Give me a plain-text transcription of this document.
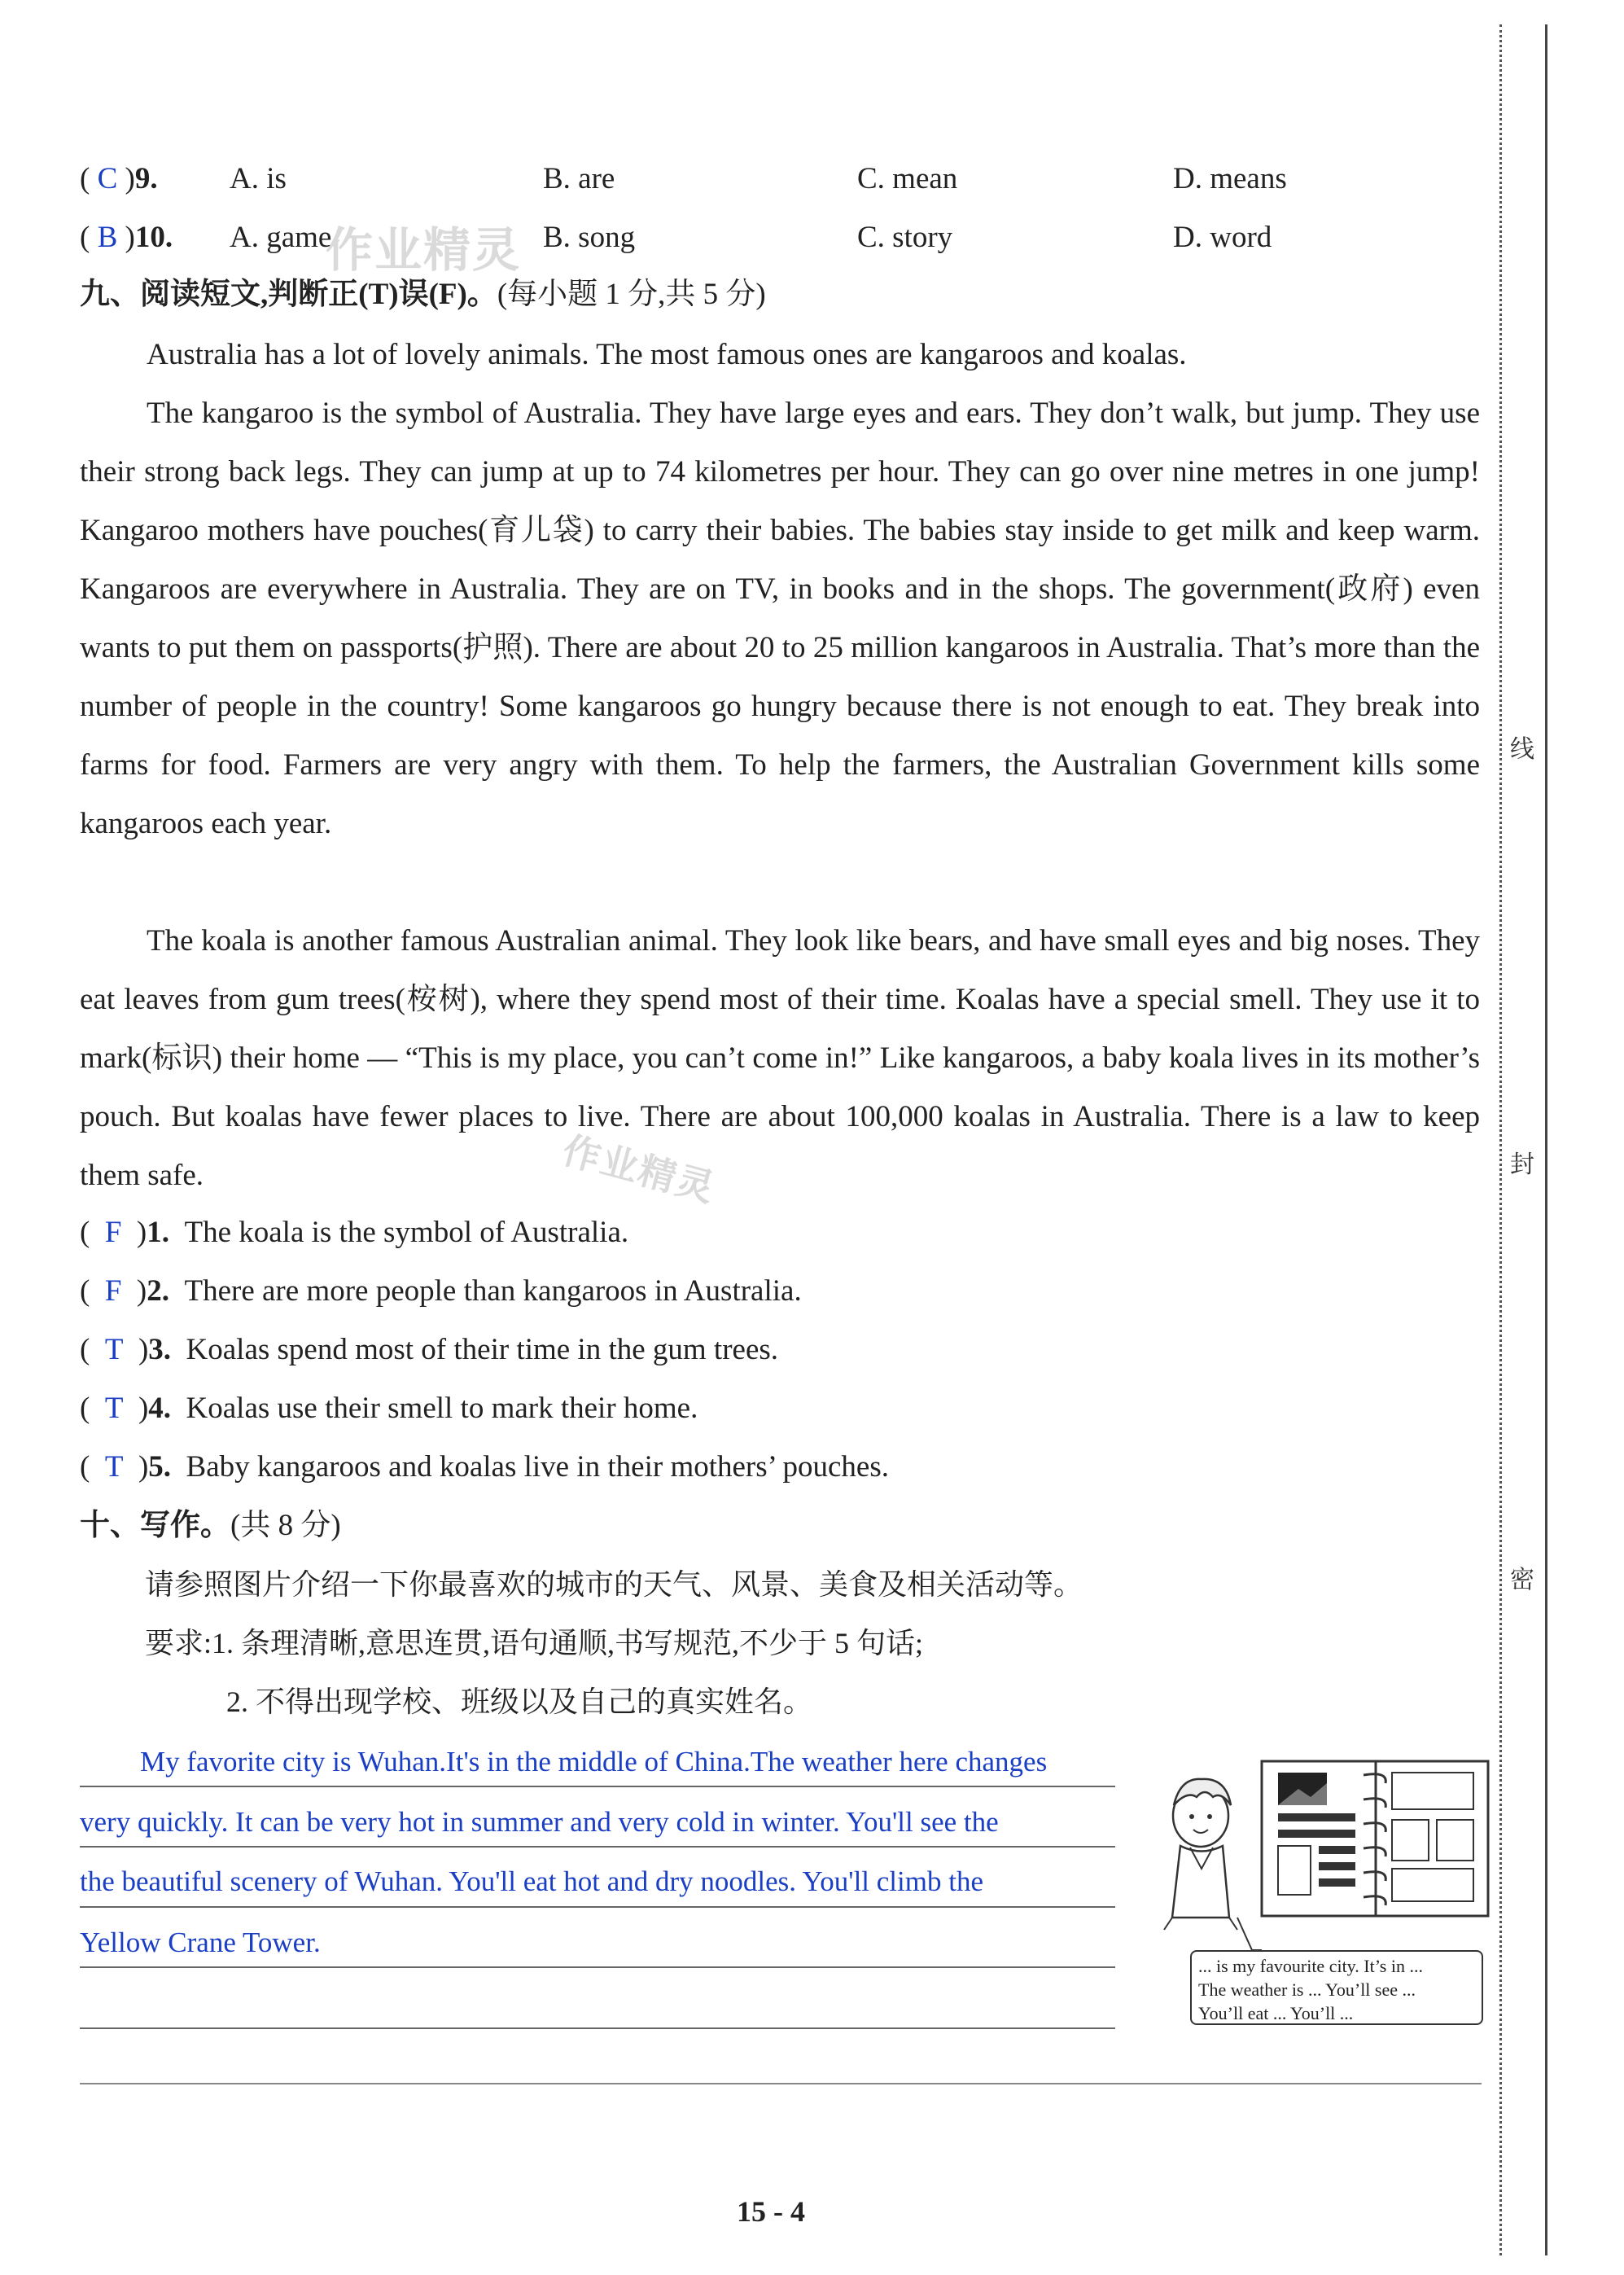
线
封
密
( C )9. A. is	B. are	C. mean	D. means
( B )10. A. game	B. song	C. story	D. word
九、阅读短文,判断正(T)误(F)。(每小题 1 分,共 5 分)
Australia has a lot of lovely animals. The most famous ones are kangaroos and koalas.
The kangaroo is the symbol of Australia. They have large eyes and ears. They don’t walk, but jump. They use their strong back legs. They can jump at up to 74 kilometres per hour. They can go over nine metres in one jump! Kangaroo mothers have pouches(育儿袋) to carry their babies. The babies stay inside to get milk and keep warm. Kangaroos are everywhere in Australia. They are on TV, in books and in the shops. The government(政府) even wants to put them on passports(护照). There are about 20 to 25 million kangaroos in Australia. That’s more than the number of people in the country! Some kangaroos go hungry because there is not enough to eat. They break into farms for food. Farmers are very angry with them. To help the farmers, the Australian Government kills some kangaroos each year.
The koala is another famous Australian animal. They look like bears, and have small eyes and big noses. They eat leaves from gum trees(桉树), where they spend most of their time. Koalas have a special smell. They use it to mark(标识) their home — “This is my place, you can’t come in!” Like kangaroos, a baby koala lives in its mother’s pouch. But koalas have fewer places to live. There are about 100,000 koalas in Australia. There is a law to keep them safe.
(  F  )1. The koala is the symbol of Australia.
(  F  )2. There are more people than kangaroos in Australia.
(  T  )3. Koalas spend most of their time in the gum trees.
(  T  )4. Koalas use their smell to mark their home.
(  T  )5. Baby kangaroos and koalas live in their mothers’ pouches.
十、写作。(共 8 分)
请参照图片介绍一下你最喜欢的城市的天气、风景、美食及相关活动等。
要求:1. 条理清晰,意思连贯,语句通顺,书写规范,不少于 5 句话;
2. 不得出现学校、班级以及自己的真实姓名。
My favorite city is Wuhan.It's in the middle of China.The weather here changes
very quickly. It can be very hot in summer and very cold in winter. You'll see the
the beautiful scenery of Wuhan. You'll eat hot and dry noodles. You'll climb the
Yellow Crane Tower.
... is my favourite city. It’s in ...
The weather is ... You’ll see ...
You’ll eat ... You’ll ...
作业精灵
作业精灵
15 - 4
